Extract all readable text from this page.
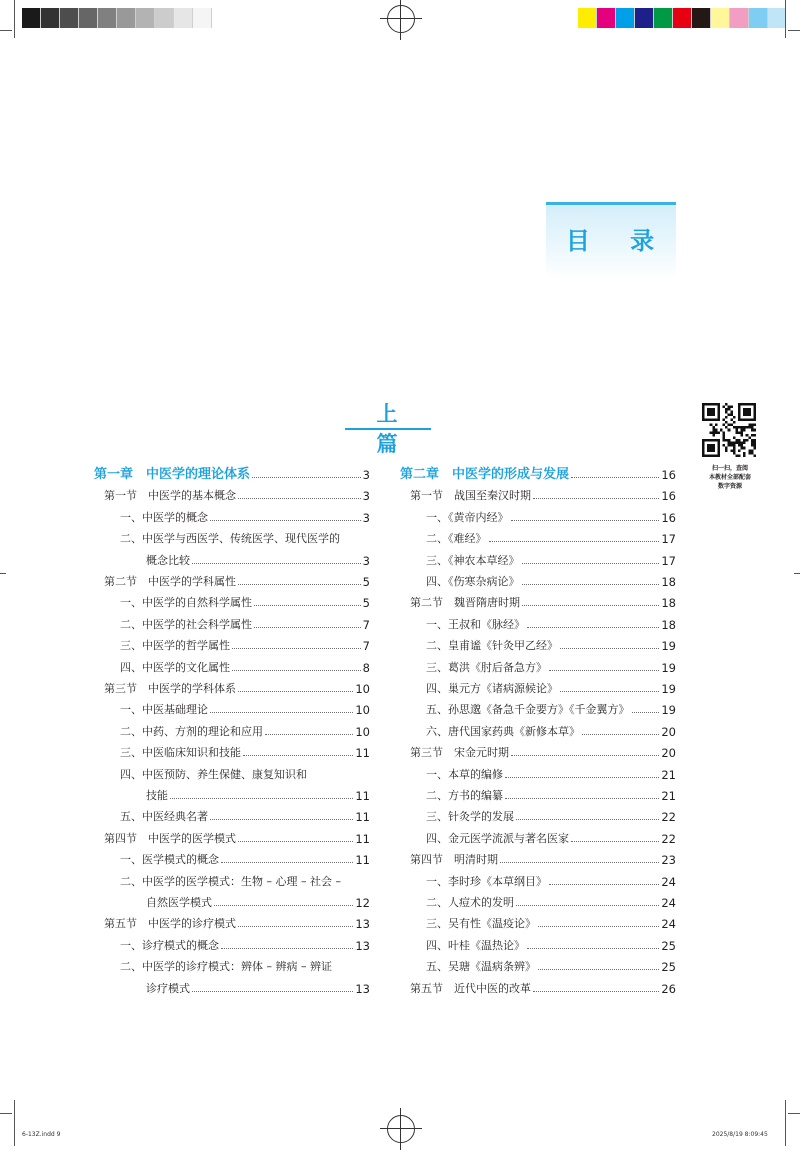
目 录
上 篇
扫一扫，查阅
本教材全部配套
数字资源
第一章　中医学的理论体系	3
第一节　中医学的基本概念	3
一、中医学的概念	3
二、中医学与西医学、传统医学、现代医学的
概念比较	3
第二节　中医学的学科属性	5
一、中医学的自然科学属性	5
二、中医学的社会科学属性	7
三、中医学的哲学属性	7
四、中医学的文化属性	8
第三节　中医学的学科体系	10
一、中医基础理论	10
二、中药、方剂的理论和应用	10
三、中医临床知识和技能	11
四、中医预防、养生保健、康复知识和
技能	11
五、中医经典名著	11
第四节　中医学的医学模式	11
一、医学模式的概念	11
二、中医学的医学模式：生物 – 心理 – 社会 –
自然医学模式	12
第五节　中医学的诊疗模式	13
一、诊疗模式的概念	13
二、中医学的诊疗模式：辨体 – 辨病 – 辨证
诊疗模式	13
第二章　中医学的形成与发展	16
第一节　战国至秦汉时期	16
一、《黄帝内经》	16
二、《难经》	17
三、《神农本草经》	17
四、《伤寒杂病论》	18
第二节　魏晋隋唐时期	18
一、王叔和《脉经》	18
二、皇甫谧《针灸甲乙经》	19
三、葛洪《肘后备急方》	19
四、巢元方《诸病源候论》	19
五、孙思邈《备急千金要方》《千金翼方》	19
六、唐代国家药典《新修本草》	20
第三节　宋金元时期	20
一、本草的编修	21
二、方书的编纂	21
三、针灸学的发展	22
四、金元医学流派与著名医家	22
第四节　明清时期	23
一、李时珍《本草纲目》	24
二、人痘术的发明	24
三、吴有性《温疫论》	24
四、叶桂《温热论》	25
五、吴瑭《温病条辨》	25
第五节　近代中医的改革	26
6-13Z.indd 9	2025/8/19 8:09:45
